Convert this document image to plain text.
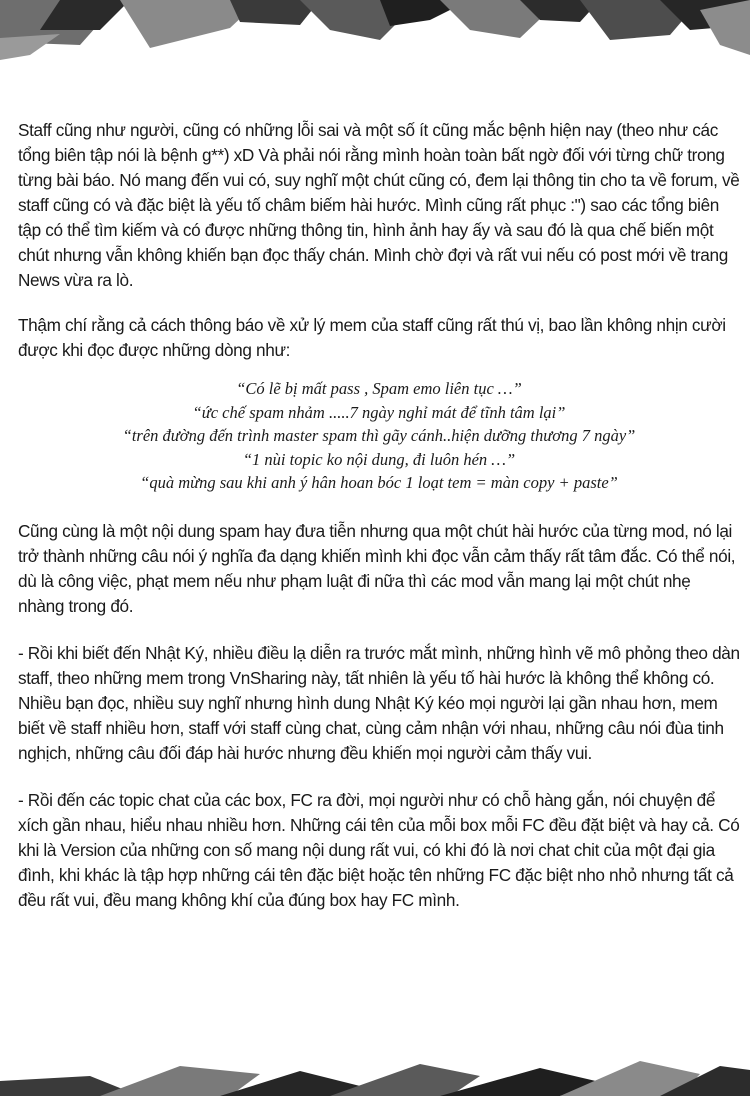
Staff cũng như người, cũng có những lỗi sai và một số ít cũng mắc bệnh hiện nay (theo như các tổng biên tập nói là bệnh g**) xD Và phải nói rằng mình hoàn toàn bất ngờ đối với từng chữ trong từng bài báo. Nó mang đến vui có, suy nghĩ một chút cũng có, đem lại thông tin cho ta về forum, về staff cũng có và đặc biệt là yếu tố châm biếm hài hước. Mình cũng rất phục :") sao các tổng biên tập có thể tìm kiếm và có được những thông tin, hình ảnh hay ấy và sau đó là qua chế biến một chút nhưng vẫn không khiến bạn đọc thấy chán. Mình chờ đợi và rất vui nếu có post mới về trang News vừa ra lò.

Thậm chí rằng cả cách thông báo về xử lý mem của staff cũng rất thú vị, bao lần không nhịn cười được khi đọc được những dòng như:

“Có lẽ bị mất pass , Spam emo liên tục …”
“ức chế spam nhảm .....7 ngày nghỉ mát để tĩnh tâm lại”
“trên đường đến trình master spam thì gãy cánh..hiện dưỡng thương 7 ngày”
“1 nùi topic ko nội dung, đi luôn hén …”
“quà mừng sau khi anh ý hân hoan bóc 1 loạt tem = màn copy + paste”

Cũng cùng là một nội dung spam hay đưa tiễn nhưng qua một chút hài hước của từng mod, nó lại trở thành những câu nói ý nghĩa đa dạng khiến mình khi đọc vẫn cảm thấy rất tâm đắc. Có thể nói, dù là công việc, phạt mem nếu như phạm luật đi nữa thì các mod vẫn mang lại một chút nhẹ nhàng trong đó.

- Rồi khi biết đến Nhật Ký, nhiều điều lạ diễn ra trước mắt mình, những hình vẽ mô phỏng theo dàn staff, theo những mem trong VnSharing này, tất nhiên là yếu tố hài hước là không thể không có. Nhiều bạn đọc, nhiều suy nghĩ nhưng hình dung Nhật Ký kéo mọi người lại gần nhau hơn, mem biết về staff nhiều hơn, staff với staff cùng chat, cùng cảm nhận với nhau, những câu nói đùa tinh nghịch, những câu đối đáp hài hước nhưng đều khiến mọi người cảm thấy vui.

- Rồi đến các topic chat của các box, FC ra đời, mọi người như có chỗ hàng gắn, nói chuyện để xích gần nhau, hiểu nhau nhiều hơn. Những cái tên của mỗi box mỗi FC đều đặt biệt và hay cả. Có khi là Version của những con số mang nội dung rất vui, có khi đó là nơi chat chit của một đại gia đình, khi khác là tập hợp những cái tên đặc biệt hoặc tên những FC đặc biệt nho nhỏ nhưng tất cả đều rất vui, đều mang không khí của đúng box hay FC mình.
